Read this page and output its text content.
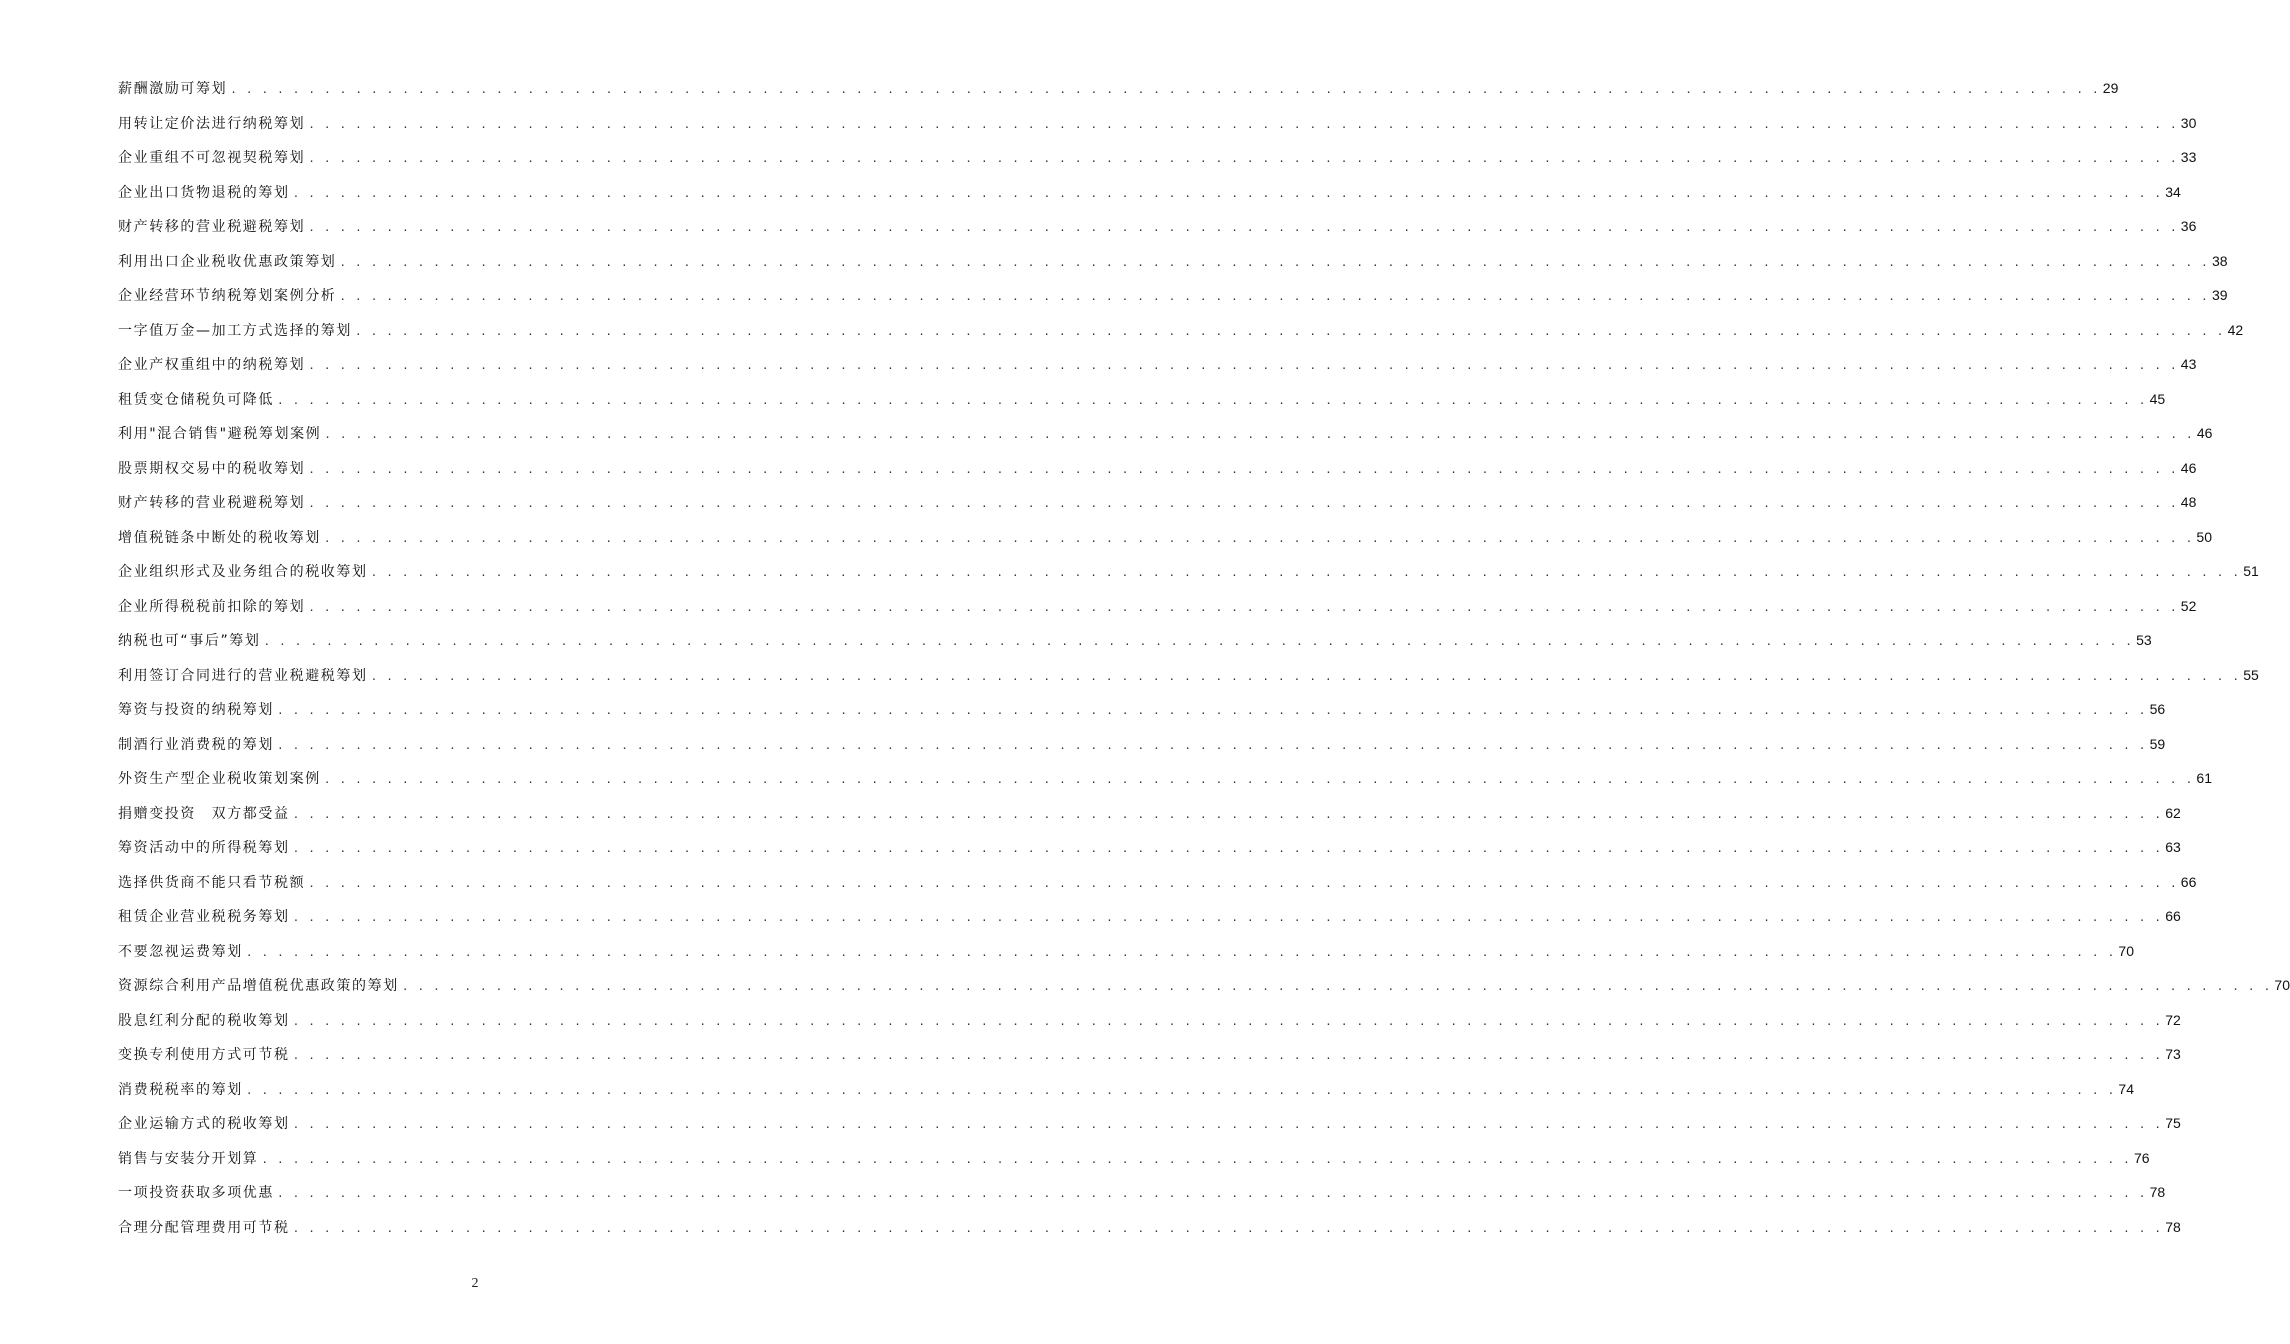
薪酬激励可筹划 . . . . . . . . . . . . . . . . . . . . . . . . . . . . . . . . . . . . . . . . . . . . . . . . . . . . . . . . . . . . . . . . . . . . . . . . . . . . . . . . . . . . . . . . . . . . . . . . . . . . . . . . . . . . . . . . . . . . . . . . 29
用转让定价法进行纳税筹划 . . . . . . . . . . . . . . . . . . . . . . . . . . . . . . . . . . . . . . . . . . . . . . . . . . . . . . . . . . . . . . . . . . . . . . . . . . . . . . . . . . . . . . . . . . . . . . . . . . . . . . . . . . . . . . . . . . . . . . . . 30
企业重组不可忽视契税筹划 . . . . . . . . . . . . . . . . . . . . . . . . . . . . . . . . . . . . . . . . . . . . . . . . . . . . . . . . . . . . . . . . . . . . . . . . . . . . . . . . . . . . . . . . . . . . . . . . . . . . . . . . . . . . . . . . . . . . . . . . 33
企业出口货物退税的筹划 . . . . . . . . . . . . . . . . . . . . . . . . . . . . . . . . . . . . . . . . . . . . . . . . . . . . . . . . . . . . . . . . . . . . . . . . . . . . . . . . . . . . . . . . . . . . . . . . . . . . . . . . . . . . . . . . . . . . . . . . 34
财产转移的营业税避税筹划 . . . . . . . . . . . . . . . . . . . . . . . . . . . . . . . . . . . . . . . . . . . . . . . . . . . . . . . . . . . . . . . . . . . . . . . . . . . . . . . . . . . . . . . . . . . . . . . . . . . . . . . . . . . . . . . . . . . . . . . . 36
利用出口企业税收优惠政策筹划 . . . . . . . . . . . . . . . . . . . . . . . . . . . . . . . . . . . . . . . . . . . . . . . . . . . . . . . . . . . . . . . . . . . . . . . . . . . . . . . . . . . . . . . . . . . . . . . . . . . . . . . . . . . . . . . . . . . . . . . . 38
企业经营环节纳税筹划案例分析 . . . . . . . . . . . . . . . . . . . . . . . . . . . . . . . . . . . . . . . . . . . . . . . . . . . . . . . . . . . . . . . . . . . . . . . . . . . . . . . . . . . . . . . . . . . . . . . . . . . . . . . . . . . . . . . . . . . . . . . . 39
一字值万金—加工方式选择的筹划 . . . . . . . . . . . . . . . . . . . . . . . . . . . . . . . . . . . . . . . . . . . . . . . . . . . . . . . . . . . . . . . . . . . . . . . . . . . . . . . . . . . . . . . . . . . . . . . . . . . . . . . . . . . . . . . . . . . . . . . . 42
企业产权重组中的纳税筹划 . . . . . . . . . . . . . . . . . . . . . . . . . . . . . . . . . . . . . . . . . . . . . . . . . . . . . . . . . . . . . . . . . . . . . . . . . . . . . . . . . . . . . . . . . . . . . . . . . . . . . . . . . . . . . . . . . . . . . . . . 43
租赁变仓储税负可降低 . . . . . . . . . . . . . . . . . . . . . . . . . . . . . . . . . . . . . . . . . . . . . . . . . . . . . . . . . . . . . . . . . . . . . . . . . . . . . . . . . . . . . . . . . . . . . . . . . . . . . . . . . . . . . . . . . . . . . . . . 45
利用"混合销售"避税筹划案例 . . . . . . . . . . . . . . . . . . . . . . . . . . . . . . . . . . . . . . . . . . . . . . . . . . . . . . . . . . . . . . . . . . . . . . . . . . . . . . . . . . . . . . . . . . . . . . . . . . . . . . . . . . . . . . . . . . . . . . . . 46
股票期权交易中的税收筹划 . . . . . . . . . . . . . . . . . . . . . . . . . . . . . . . . . . . . . . . . . . . . . . . . . . . . . . . . . . . . . . . . . . . . . . . . . . . . . . . . . . . . . . . . . . . . . . . . . . . . . . . . . . . . . . . . . . . . . . . . 46
财产转移的营业税避税筹划 . . . . . . . . . . . . . . . . . . . . . . . . . . . . . . . . . . . . . . . . . . . . . . . . . . . . . . . . . . . . . . . . . . . . . . . . . . . . . . . . . . . . . . . . . . . . . . . . . . . . . . . . . . . . . . . . . . . . . . . . 48
增值税链条中断处的税收筹划 . . . . . . . . . . . . . . . . . . . . . . . . . . . . . . . . . . . . . . . . . . . . . . . . . . . . . . . . . . . . . . . . . . . . . . . . . . . . . . . . . . . . . . . . . . . . . . . . . . . . . . . . . . . . . . . . . . . . . . . . 50
企业组织形式及业务组合的税收筹划 . . . . . . . . . . . . . . . . . . . . . . . . . . . . . . . . . . . . . . . . . . . . . . . . . . . . . . . . . . . . . . . . . . . . . . . . . . . . . . . . . . . . . . . . . . . . . . . . . . . . . . . . . . . . . . . . . . . . . . . . 51
企业所得税税前扣除的筹划 . . . . . . . . . . . . . . . . . . . . . . . . . . . . . . . . . . . . . . . . . . . . . . . . . . . . . . . . . . . . . . . . . . . . . . . . . . . . . . . . . . . . . . . . . . . . . . . . . . . . . . . . . . . . . . . . . . . . . . . . 52
纳税也可“事后”筹划 . . . . . . . . . . . . . . . . . . . . . . . . . . . . . . . . . . . . . . . . . . . . . . . . . . . . . . . . . . . . . . . . . . . . . . . . . . . . . . . . . . . . . . . . . . . . . . . . . . . . . . . . . . . . . . . . . . . . . . . . 53
利用签订合同进行的营业税避税筹划 . . . . . . . . . . . . . . . . . . . . . . . . . . . . . . . . . . . . . . . . . . . . . . . . . . . . . . . . . . . . . . . . . . . . . . . . . . . . . . . . . . . . . . . . . . . . . . . . . . . . . . . . . . . . . . . . . . . . . . . . 55
筹资与投资的纳税筹划 . . . . . . . . . . . . . . . . . . . . . . . . . . . . . . . . . . . . . . . . . . . . . . . . . . . . . . . . . . . . . . . . . . . . . . . . . . . . . . . . . . . . . . . . . . . . . . . . . . . . . . . . . . . . . . . . . . . . . . . . 56
制酒行业消费税的筹划 . . . . . . . . . . . . . . . . . . . . . . . . . . . . . . . . . . . . . . . . . . . . . . . . . . . . . . . . . . . . . . . . . . . . . . . . . . . . . . . . . . . . . . . . . . . . . . . . . . . . . . . . . . . . . . . . . . . . . . . . 59
外资生产型企业税收策划案例 . . . . . . . . . . . . . . . . . . . . . . . . . . . . . . . . . . . . . . . . . . . . . . . . . . . . . . . . . . . . . . . . . . . . . . . . . . . . . . . . . . . . . . . . . . . . . . . . . . . . . . . . . . . . . . . . . . . . . . . . 61
捐赠变投资　双方都受益 . . . . . . . . . . . . . . . . . . . . . . . . . . . . . . . . . . . . . . . . . . . . . . . . . . . . . . . . . . . . . . . . . . . . . . . . . . . . . . . . . . . . . . . . . . . . . . . . . . . . . . . . . . . . . . . . . . . . . . . . 62
筹资活动中的所得税筹划 . . . . . . . . . . . . . . . . . . . . . . . . . . . . . . . . . . . . . . . . . . . . . . . . . . . . . . . . . . . . . . . . . . . . . . . . . . . . . . . . . . . . . . . . . . . . . . . . . . . . . . . . . . . . . . . . . . . . . . . . 63
选择供货商不能只看节税额 . . . . . . . . . . . . . . . . . . . . . . . . . . . . . . . . . . . . . . . . . . . . . . . . . . . . . . . . . . . . . . . . . . . . . . . . . . . . . . . . . . . . . . . . . . . . . . . . . . . . . . . . . . . . . . . . . . . . . . . . 66
租赁企业营业税税务筹划 . . . . . . . . . . . . . . . . . . . . . . . . . . . . . . . . . . . . . . . . . . . . . . . . . . . . . . . . . . . . . . . . . . . . . . . . . . . . . . . . . . . . . . . . . . . . . . . . . . . . . . . . . . . . . . . . . . . . . . . . 66
不要忽视运费筹划 . . . . . . . . . . . . . . . . . . . . . . . . . . . . . . . . . . . . . . . . . . . . . . . . . . . . . . . . . . . . . . . . . . . . . . . . . . . . . . . . . . . . . . . . . . . . . . . . . . . . . . . . . . . . . . . . . . . . . . . . 70
资源综合利用产品增值税优惠政策的筹划 . . . . . . . . . . . . . . . . . . . . . . . . . . . . . . . . . . . . . . . . . . . . . . . . . . . . . . . . . . . . . . . . . . . . . . . . . . . . . . . . . . . . . . . . . . . . . . . . . . . . . . . . . . . . . . . . . . . . . . . . 70
股息红利分配的税收筹划 . . . . . . . . . . . . . . . . . . . . . . . . . . . . . . . . . . . . . . . . . . . . . . . . . . . . . . . . . . . . . . . . . . . . . . . . . . . . . . . . . . . . . . . . . . . . . . . . . . . . . . . . . . . . . . . . . . . . . . . . 72
变换专利使用方式可节税 . . . . . . . . . . . . . . . . . . . . . . . . . . . . . . . . . . . . . . . . . . . . . . . . . . . . . . . . . . . . . . . . . . . . . . . . . . . . . . . . . . . . . . . . . . . . . . . . . . . . . . . . . . . . . . . . . . . . . . . . 73
消费税税率的筹划 . . . . . . . . . . . . . . . . . . . . . . . . . . . . . . . . . . . . . . . . . . . . . . . . . . . . . . . . . . . . . . . . . . . . . . . . . . . . . . . . . . . . . . . . . . . . . . . . . . . . . . . . . . . . . . . . . . . . . . . . 74
企业运输方式的税收筹划 . . . . . . . . . . . . . . . . . . . . . . . . . . . . . . . . . . . . . . . . . . . . . . . . . . . . . . . . . . . . . . . . . . . . . . . . . . . . . . . . . . . . . . . . . . . . . . . . . . . . . . . . . . . . . . . . . . . . . . . . 75
销售与安装分开划算 . . . . . . . . . . . . . . . . . . . . . . . . . . . . . . . . . . . . . . . . . . . . . . . . . . . . . . . . . . . . . . . . . . . . . . . . . . . . . . . . . . . . . . . . . . . . . . . . . . . . . . . . . . . . . . . . . . . . . . . . 76
一项投资获取多项优惠 . . . . . . . . . . . . . . . . . . . . . . . . . . . . . . . . . . . . . . . . . . . . . . . . . . . . . . . . . . . . . . . . . . . . . . . . . . . . . . . . . . . . . . . . . . . . . . . . . . . . . . . . . . . . . . . . . . . . . . . . 78
合理分配管理费用可节税 . . . . . . . . . . . . . . . . . . . . . . . . . . . . . . . . . . . . . . . . . . . . . . . . . . . . . . . . . . . . . . . . . . . . . . . . . . . . . . . . . . . . . . . . . . . . . . . . . . . . . . . . . . . . . . . . . . . . . . . . 78
2
